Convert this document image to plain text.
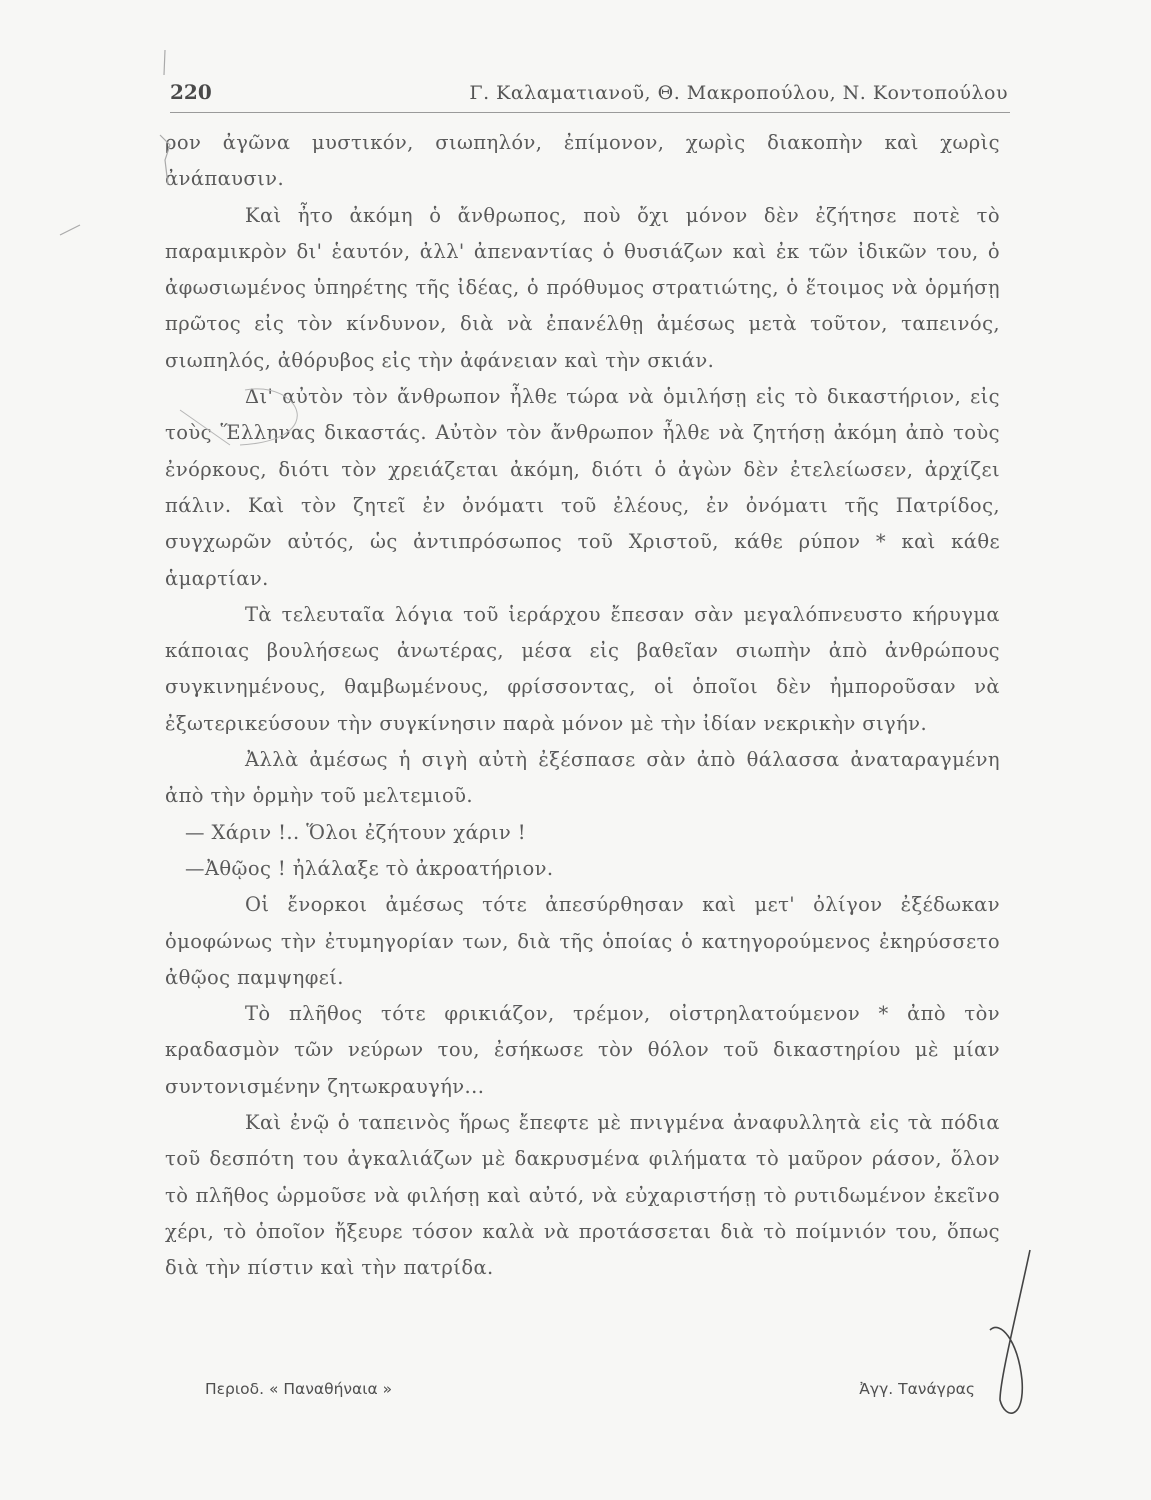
220	Γ. Καλαματιανοῦ, Θ. Μακροπούλου, Ν. Κοντοπούλου

ρον ἀγῶνα μυστικόν, σιωπηλόν, ἐπίμονον, χωρὶς διακοπὴν καὶ χωρὶς ἀνάπαυσιν.

Καὶ ἦτο ἀκόμη ὁ ἄνθρωπος, ποὺ ὄχι μόνον δὲν ἐζήτησε ποτὲ τὸ παραμικρὸν δι' ἑαυτόν, ἀλλ' ἀπεναντίας ὁ θυσιάζων καὶ ἐκ τῶν ἰδικῶν του, ὁ ἀφωσιωμένος ὑπηρέτης τῆς ἰδέας, ὁ πρόθυμος στρατιώτης, ὁ ἕτοιμος νὰ ὁρμήσῃ πρῶτος εἰς τὸν κίνδυνον, διὰ νὰ ἐπανέλθῃ ἀμέσως μετὰ τοῦτον, ταπεινός, σιωπηλός, ἀθόρυβος εἰς τὴν ἀφάνειαν καὶ τὴν σκιάν.

Δι' αὐτὸν τὸν ἄνθρωπον ἦλθε τώρα νὰ ὁμιλήσῃ εἰς τὸ δικαστήριον, εἰς τοὺς Ἕλληνας δικαστάς. Αὐτὸν τὸν ἄνθρωπον ἦλθε νὰ ζητήσῃ ἀκόμη ἀπὸ τοὺς ἐνόρκους, διότι τὸν χρειάζεται ἀκόμη, διότι ὁ ἀγὼν δὲν ἐτελείωσεν, ἀρχίζει πάλιν. Καὶ τὸν ζητεῖ ἐν ὀνόματι τοῦ ἐλέους, ἐν ὀνόματι τῆς Πατρίδος, συγχωρῶν αὐτός, ὡς ἀντιπρόσωπος τοῦ Χριστοῦ, κάθε ρύπον * καὶ κάθε ἁμαρτίαν.

Τὰ τελευταῖα λόγια τοῦ ἱεράρχου ἔπεσαν σὰν μεγαλόπνευστο κήρυγμα κάποιας βουλήσεως ἀνωτέρας, μέσα εἰς βαθεῖαν σιωπὴν ἀπὸ ἀνθρώπους συγκινημένους, θαμβωμένους, φρίσσοντας, οἱ ὁποῖοι δὲν ἠμποροῦσαν νὰ ἐξωτερικεύσουν τὴν συγκίνησιν παρὰ μόνον μὲ τὴν ἰδίαν νεκρικὴν σιγήν.

Ἀλλὰ ἀμέσως ἡ σιγὴ αὐτὴ ἐξέσπασε σὰν ἀπὸ θάλασσα ἀναταραγμένη ἀπὸ τὴν ὁρμὴν τοῦ μελτεμιοῦ.

— Χάριν !.. Ὅλοι ἐζήτουν χάριν !

—Ἀθῷος ! ἠλάλαξε τὸ ἀκροατήριον.

Οἱ ἔνορκοι ἀμέσως τότε ἀπεσύρθησαν καὶ μετ' ὀλίγον ἐξέδωκαν ὁμοφώνως τὴν ἐτυμηγορίαν των, διὰ τῆς ὁποίας ὁ κατηγορούμενος ἐκηρύσσετο ἀθῷος παμψηφεί.

Τὸ πλῆθος τότε φρικιάζον, τρέμον, οἰστρηλατούμενον * ἀπὸ τὸν κραδασμὸν τῶν νεύρων του, ἐσήκωσε τὸν θόλον τοῦ δικαστηρίου μὲ μίαν συντονισμένην ζητωκραυγήν...

Καὶ ἐνῷ ὁ ταπεινὸς ἥρως ἔπεφτε μὲ πνιγμένα ἀναφυλλητὰ εἰς τὰ πόδια τοῦ δεσπότη του ἀγκαλιάζων μὲ δακρυσμένα φιλήματα τὸ μαῦρον ράσον, ὅλον τὸ πλῆθος ὡρμοῦσε νὰ φιλήσῃ καὶ αὐτό, νὰ εὐχαριστήσῃ τὸ ρυτιδωμένον ἐκεῖνο χέρι, τὸ ὁποῖον ἤξευρε τόσον καλὰ νὰ προτάσσεται διὰ τὸ ποίμνιόν του, ὅπως διὰ τὴν πίστιν καὶ τὴν πατρίδα.

Περιοδ. « Παναθήναια »	Ἀγγ. Τανάγρας
